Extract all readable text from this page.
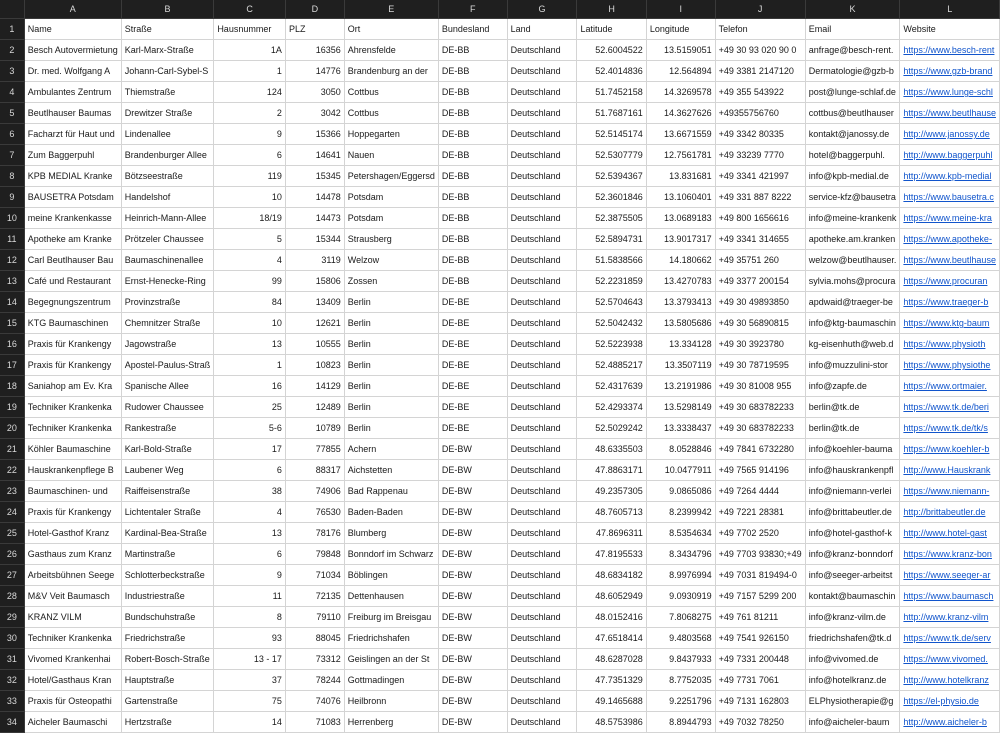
	A	B	C	D	E	F	G	H	I	J	K	L
1	Name	Straße	Hausnummer	PLZ	Ort	Bundesland	Land	Latitude	Longitude	Telefon	Email	Website
2	Besch Autovermietung	Karl-Marx-Straße	1A	16356	Ahrensfelde	DE-BB	Deutschland	52.6004522	13.5159051	+49 30 93 020 90 0	anfrage@besch-rent.	https://www.besch-rent
3	Dr. med. Wolfgang A	Johann-Carl-Sybel-S	1	14776	Brandenburg an der	DE-BB	Deutschland	52.4014836	12.564894	+49 3381 2147120	Dermatologie@gzb-b	https://www.gzb-brand
4	Ambulantes Zentrum	Thiemstraße	124	3050	Cottbus	DE-BB	Deutschland	51.7452158	14.3269578	+49 355 543922	post@lunge-schlaf.de	https://www.lunge-schl
5	Beutlhauser Baumas	Drewitzer Straße	2	3042	Cottbus	DE-BB	Deutschland	51.7687161	14.3627626	+49355756760	cottbus@beutlhauser	https://www.beutlhause
6	Facharzt für Haut und	Lindenallee	9	15366	Hoppegarten	DE-BB	Deutschland	52.5145174	13.6671559	+49 3342 80335	kontakt@janossy.de	http://www.janossy.de
7	Zum Baggerpuhl	Brandenburger Allee	6	14641	Nauen	DE-BB	Deutschland	52.5307779	12.7561781	+49 33239 7770	hotel@baggerpuhl.	http://www.baggerpuhl
8	KPB MEDIAL Kranke	Bötzseestraße	119	15345	Petershagen/Eggersd	DE-BB	Deutschland	52.5394367	13.831681	+49 3341 421997	info@kpb-medial.de	http://www.kpb-medial
9	BAUSETRA Potsdam	Handelshof	10	14478	Potsdam	DE-BB	Deutschland	52.3601846	13.1060401	+49 331 887 8222	service-kfz@bausetra	https://www.bausetra.c
10	meine Krankenkasse	Heinrich-Mann-Allee	18/19	14473	Potsdam	DE-BB	Deutschland	52.3875505	13.0689183	+49 800 1656616	info@meine-krankenk	https://www.meine-kra
11	Apotheke am Kranke	Prötzeler Chaussee	5	15344	Strausberg	DE-BB	Deutschland	52.5894731	13.9017317	+49 3341 314655	apotheke.am.kranken	https://www.apotheke-
12	Carl Beutlhauser Bau	Baumaschinenallee	4	3119	Welzow	DE-BB	Deutschland	51.5838566	14.180662	+49 35751 260	welzow@beutlhauser.	https://www.beutlhause
13	Café und Restaurant	Ernst-Henecke-Ring	99	15806	Zossen	DE-BB	Deutschland	52.2231859	13.4270783	+49 3377 200154	sylvia.mohs@procura	https://www.procuran
14	Begegnungszentrum	Provinzstraße	84	13409	Berlin	DE-BE	Deutschland	52.5704643	13.3793413	+49 30 49893850	apdwaid@traeger-be	https://www.traeger-b
15	KTG Baumaschinen	Chemnitzer Straße	10	12621	Berlin	DE-BE	Deutschland	52.5042432	13.5805686	+49 30 56890815	info@ktg-baumaschin	https://www.ktg-baum
16	Praxis für Krankengy	Jagowstraße	13	10555	Berlin	DE-BE	Deutschland	52.5223938	13.334128	+49 30 3923780	kg-eisenhuth@web.d	https://www.physioth
17	Praxis für Krankengy	Apostel-Paulus-Straß	1	10823	Berlin	DE-BE	Deutschland	52.4885217	13.3507119	+49 30 78719595	info@muzzulini-stor	https://www.physiothe
18	Saniahop am Ev. Kra	Spanische Allee	16	14129	Berlin	DE-BE	Deutschland	52.4317639	13.2191986	+49 30 81008 955	info@zapfe.de	https://www.ortmaier.
19	Techniker Krankenka	Rudower Chaussee	25	12489	Berlin	DE-BE	Deutschland	52.4293374	13.5298149	+49 30 683782233	berlin@tk.de	https://www.tk.de/beri
20	Techniker Krankenka	Rankestraße	5-6	10789	Berlin	DE-BE	Deutschland	52.5029242	13.3338437	+49 30 683782233	berlin@tk.de	https://www.tk.de/tk/s
21	Köhler Baumaschine	Karl-Bold-Straße	17	77855	Achern	DE-BW	Deutschland	48.6335503	8.0528846	+49 7841 6732280	info@koehler-bauma	https://www.koehler-b
22	Hauskrankenpflege B	Laubener Weg	6	88317	Aichstetten	DE-BW	Deutschland	47.8863171	10.0477911	+49 7565 914196	info@hauskrankenpfl	http://www.Hauskrank
23	Baumaschinen- und	Raiffeisenstraße	38	74906	Bad Rappenau	DE-BW	Deutschland	49.2357305	9.0865086	+49 7264 4444	info@niemann-verlei	https://www.niemann-
24	Praxis für Krankengy	Lichtentaler Straße	4	76530	Baden-Baden	DE-BW	Deutschland	48.7605713	8.2399942	+49 7221 28381	info@brittabeutler.de	http://brittabeutler.de
25	Hotel-Gasthof Kranz	Kardinal-Bea-Straße	13	78176	Blumberg	DE-BW	Deutschland	47.8696311	8.5354634	+49 7702 2520	info@hotel-gasthof-k	http://www.hotel-gast
26	Gasthaus zum Kranz	Martinstraße	6	79848	Bonndorf im Schwarz	DE-BW	Deutschland	47.8195533	8.3434796	+49 7703 93830;+49	info@kranz-bonndorf	https://www.kranz-bon
27	Arbeitsbühnen Seege	Schlotterbeckstraße	9	71034	Böblingen	DE-BW	Deutschland	48.6834182	8.9976994	+49 7031 819494-0	info@seeger-arbeitst	https://www.seeger-ar
28	M&V Veit Baumasch	Industriestraße	11	72135	Dettenhausen	DE-BW	Deutschland	48.6052949	9.0930919	+49 7157 5299 200	kontakt@baumaschin	https://www.baumasch
29	KRANZ VILM	Bundschuhstraße	8	79110	Freiburg im Breisgau	DE-BW	Deutschland	48.0152416	7.8068275	+49 761 81211	info@kranz-vilm.de	http://www.kranz-vilm
30	Techniker Krankenka	Friedrichstraße	93	88045	Friedrichshafen	DE-BW	Deutschland	47.6518414	9.4803568	+49 7541 926150	friedrichshafen@tk.d	https://www.tk.de/serv
31	Vivomed Krankenhai	Robert-Bosch-Straße	13 - 17	73312	Geislingen an der St	DE-BW	Deutschland	48.6287028	9.8437933	+49 7331 200448	info@vivomed.de	https://www.vivomed.
32	Hotel/Gasthaus Kran	Hauptstraße	37	78244	Gottmadingen	DE-BW	Deutschland	47.7351329	8.7752035	+49 7731 7061	info@hotelkranz.de	http://www.hotelkranz
33	Praxis für Osteopathi	Gartenstraße	75	74076	Heilbronn	DE-BW	Deutschland	49.1465688	9.2251796	+49 7131 162803	ELPhysiotherapie@g	https://el-physio.de
34	Aicheler Baumaschi	Hertzstraße	14	71083	Herrenberg	DE-BW	Deutschland	48.5753986	8.8944793	+49 7032 78250	info@aicheler-baum	http://www.aicheler-b
